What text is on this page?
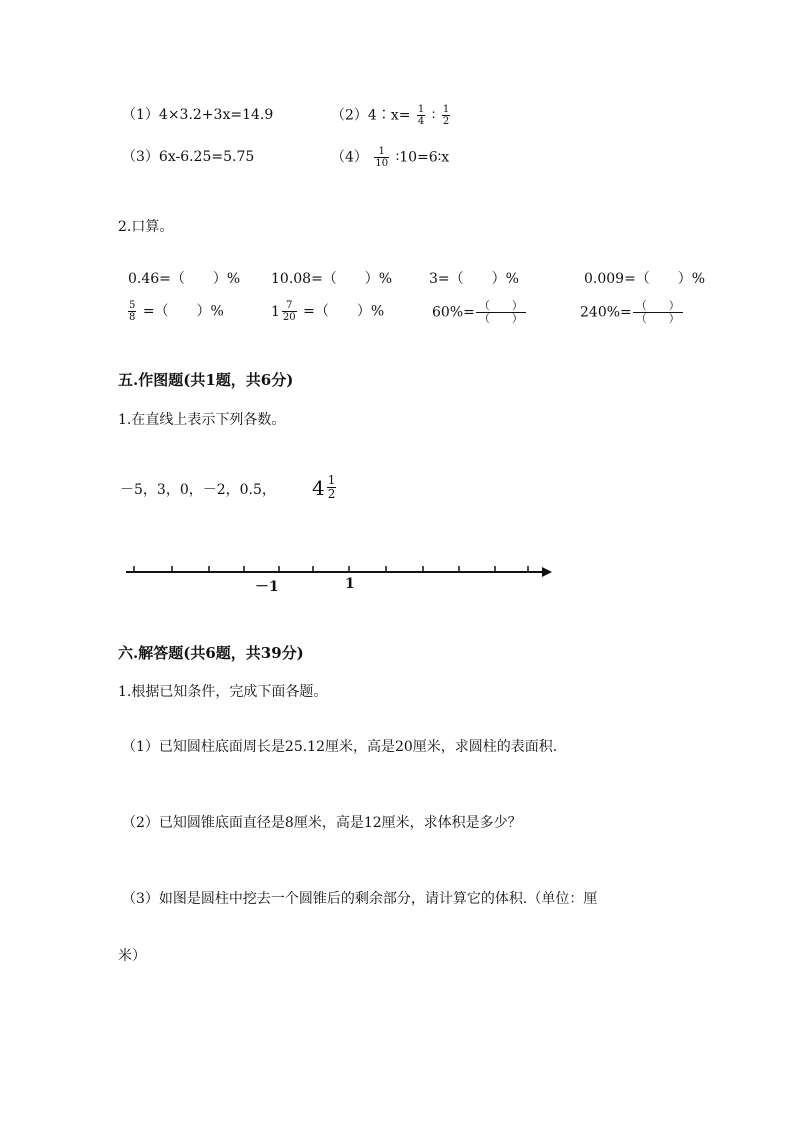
（1）4×3.2+3x=14.9	（2）4∶x= $\frac{1}{4}$ ∶ $\frac{1}{2}$
（3）6x-6.25=5.75	$(4) \frac{1}{10}$ ∶10=6∶x
2.口算。
0.46=（　　）% 10.08=（　　）%	3=（　　）%	0.009=（　　）%
$\frac{5}{8}$ =（　　）%	$1 \frac{7}{20}$ =（　　）%	$60\%= \frac{( )}{( )}$	$240\%= \frac{( )}{( )}$
五.作图题(共1题，共6分)
1.在直线上表示下列各数。
－5，3，0，－2，0.5， $4 \frac{1}{2}$
－1	1
六.解答题(共6题，共39分)
1.根据已知条件，完成下面各题。
（1）已知圆柱底面周长是25.12厘米，高是20厘米，求圆柱的表面积.
（2）已知圆锥底面直径是8厘米，高是12厘米，求体积是多少？
（3）如图是圆柱中挖去一个圆锥后的剩余部分，请计算它的体积.（单位：厘
米）
